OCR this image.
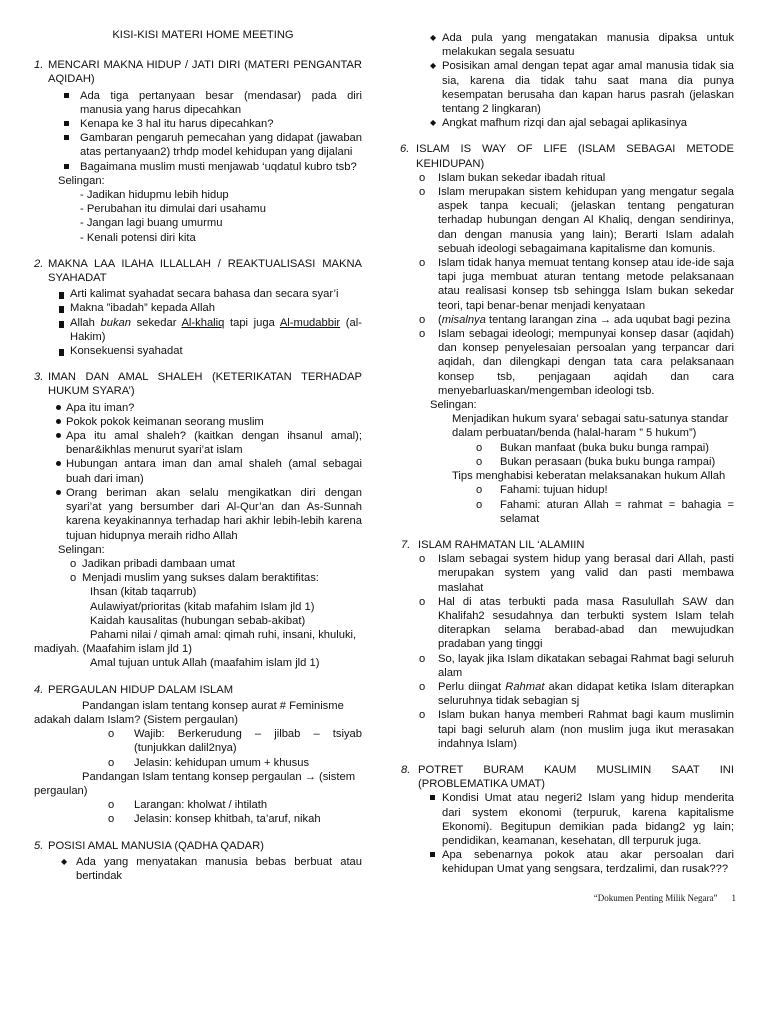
KISI-KISI MATERI HOME MEETING
1. MENCARI MAKNA HIDUP / JATI DIRI (MATERI PENGANTAR AQIDAH)
Ada tiga pertanyaan besar (mendasar) pada diri manusia yang harus dipecahkan
Kenapa ke 3 hal itu harus dipecahkan?
Gambaran pengaruh pemecahan yang didapat (jawaban atas pertanyaan2) trhdp model kehidupan yang dijalani
Bagaimana muslim musti menjawab ‘uqdatul kubro tsb?
Selingan:
- Jadikan hidupmu lebih hidup
- Perubahan itu dimulai dari usahamu
- Jangan lagi buang umurmu
- Kenali potensi diri kita
2. MAKNA LAA ILAHA ILLALLAH / REAKTUALISASI MAKNA SYAHADAT
Arti kalimat syahadat secara bahasa dan secara syar’i
Makna ”ibadah” kepada Allah
Allah bukan sekedar Al-khaliq tapi juga Al-mudabbir (al-Hakim)
Konsekuensi syahadat
3. IMAN DAN AMAL SHALEH (KETERIKATAN TERHADAP HUKUM SYARA’)
Apa itu iman?
Pokok pokok keimanan seorang muslim
Apa itu amal shaleh? (kaitkan dengan ihsanul amal); benar&ikhlas menurut syari’at islam
Hubungan antara iman dan amal shaleh (amal sebagai buah dari iman)
Orang beriman akan selalu mengikatkan diri dengan syari’at yang bersumber dari Al-Qur’an dan As-Sunnah karena keyakinannya terhadap hari akhir lebih-lebih karena tujuan hidupnya meraih ridho Allah
Selingan:
o Jadikan pribadi dambaan umat
o Menjadi muslim yang sukses dalam beraktifitas:
Ihsan (kitab taqarrub)
Aulawiyat/prioritas (kitab mafahim Islam jld 1)
Kaidah kausalitas (hubungan sebab-akibat)
Pahami nilai / qimah amal: qimah ruhi, insani, khuluki, madiyah. (Maafahim islam jld 1)
Amal tujuan untuk Allah (maafahim islam jld 1)
4. PERGAULAN HIDUP DALAM ISLAM
Pandangan islam tentang konsep aurat # Feminisme adakah dalam Islam? (Sistem pergaulan)
o Wajib: Berkerudung – jilbab – tsiyab (tunjukkan dalil2nya)
o Jelasin: kehidupan umum + khusus
Pandangan Islam tentang konsep pergaulan → (sistem pergaulan)
o Larangan: kholwat / ihtilath
o Jelasin: konsep khitbah, ta’aruf, nikah
5. POSISI AMAL MANUSIA (QADHA QADAR)
◆ Ada yang menyatakan manusia bebas berbuat atau bertindak
◆ Ada pula yang mengatakan manusia dipaksa untuk melakukan segala sesuatu
◆ Posisikan amal dengan tepat agar amal manusia tidak sia sia, karena dia tidak tahu saat mana dia punya kesempatan berusaha dan kapan harus pasrah (jelaskan tentang 2 lingkaran)
◆ Angkat mafhum rizqi dan ajal sebagai aplikasinya
6. ISLAM IS WAY OF LIFE (ISLAM SEBAGAI METODE KEHIDUPAN)
o Islam bukan sekedar ibadah ritual
o Islam merupakan sistem kehidupan yang mengatur segala aspek tanpa kecuali; (jelaskan tentang pengaturan terhadap hubungan dengan Al Khaliq, dengan sendirinya, dan dengan manusia yang lain); Berarti Islam adalah sebuah ideologi sebagaimana kapitalisme dan komunis.
o Islam tidak hanya memuat tentang konsep atau ide-ide saja tapi juga membuat aturan tentang metode pelaksanaan atau realisasi konsep tsb sehingga Islam bukan sekedar teori, tapi benar-benar menjadi kenyataan
o (misalnya tentang larangan zina → ada uqubat bagi pezina
o Islam sebagai ideologi; mempunyai konsep dasar (aqidah) dan konsep penyelesaian persoalan yang terpancar dari aqidah, dan dilengkapi dengan tata cara pelaksanaan konsep tsb, penjagaan aqidah dan cara menyebarluaskan/mengemban ideologi tsb.
Selingan:
Menjadikan hukum syara’ sebagai satu-satunya standar dalam perbuatan/benda (halal-haram ” 5 hukum”)
o Bukan manfaat (buka buku bunga rampai)
o Bukan perasaan (buka buku bunga rampai)
Tips menghabisi keberatan melaksanakan hukum Allah
o Fahami: tujuan hidup!
o Fahami: aturan Allah = rahmat = bahagia = selamat
7. ISLAM RAHMATAN LIL ‘ALAMIIN
o Islam sebagai system hidup yang berasal dari Allah, pasti merupakan system yang valid dan pasti membawa maslahat
o Hal di atas terbukti pada masa Rasulullah SAW dan Khalifah2 sesudahnya dan terbukti system Islam telah diterapkan selama berabad-abad dan mewujudkan pradaban yang tinggi
o So, layak jika Islam dikatakan sebagai Rahmat bagi seluruh alam
o Perlu diingat Rahmat akan didapat ketika Islam diterapkan seluruhnya tidak sebagian sj
o Islam bukan hanya memberi Rahmat bagi kaum muslimin tapi bagi seluruh alam (non muslim juga ikut merasakan indahnya Islam)
8. POTRET BURAM KAUM MUSLIMIN SAAT INI (PROBLEMATIKA UMAT)
Kondisi Umat atau negeri2 Islam yang hidup menderita dari system ekonomi (terpuruk, karena kapitalisme Ekonomi). Begitupun demikian pada bidang2 yg lain; pendidikan, keamanan, kesehatan, dll terpuruk juga.
Apa sebenarnya pokok atau akar persoalan dari kehidupan Umat yang sengsara, terdzalimi, dan rusak???
“Dokumen Penting Milik Negara” 1
